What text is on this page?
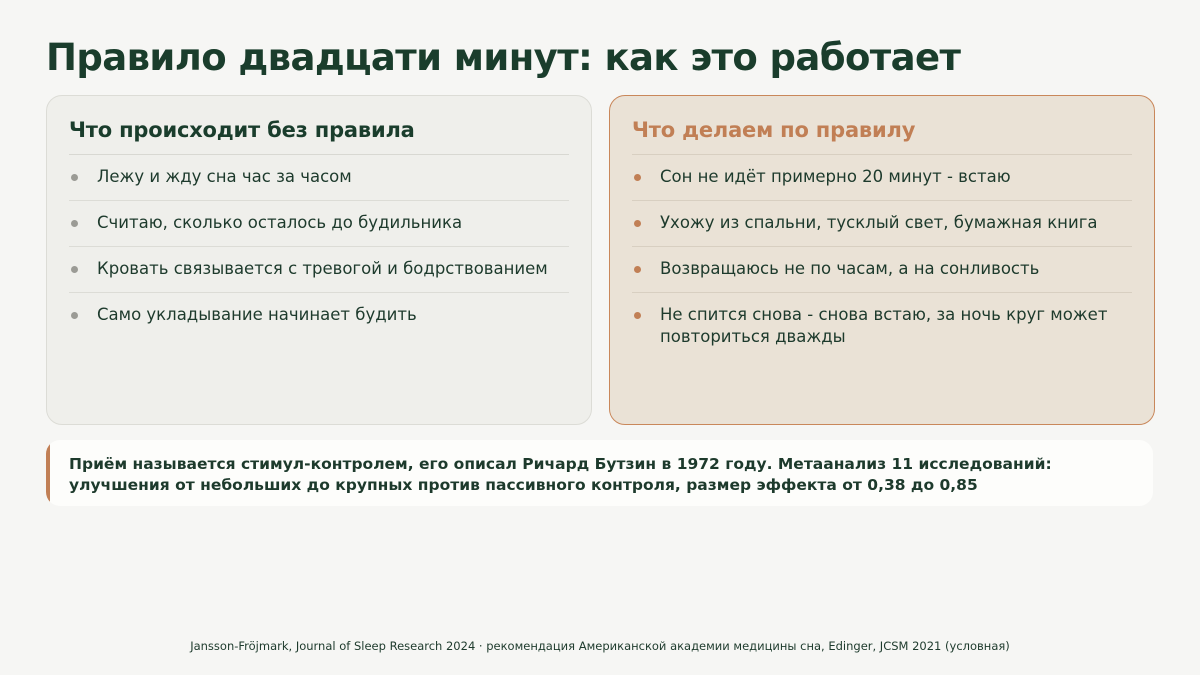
Правило двадцати минут: как это работает
Что происходит без правила
Лежу и жду сна час за часом
Считаю, сколько осталось до будильника
Кровать связывается с тревогой и бодрствованием
Само укладывание начинает будить
Что делаем по правилу
Сон не идёт примерно 20 минут - встаю
Ухожу из спальни, тусклый свет, бумажная книга
Возвращаюсь не по часам, а на сонливость
Не спится снова - снова встаю, за ночь круг может повториться дважды

Приём называется стимул-контролем, его описал Ричард Бутзин в 1972 году. Метаанализ 11 исследований: улучшения от небольших до крупных против пассивного контроля, размер эффекта от 0,38 до 0,85

Jansson-Fröjmark, Journal of Sleep Research 2024 · рекомендация Американской академии медицины сна, Edinger, JCSM 2021 (условная)
